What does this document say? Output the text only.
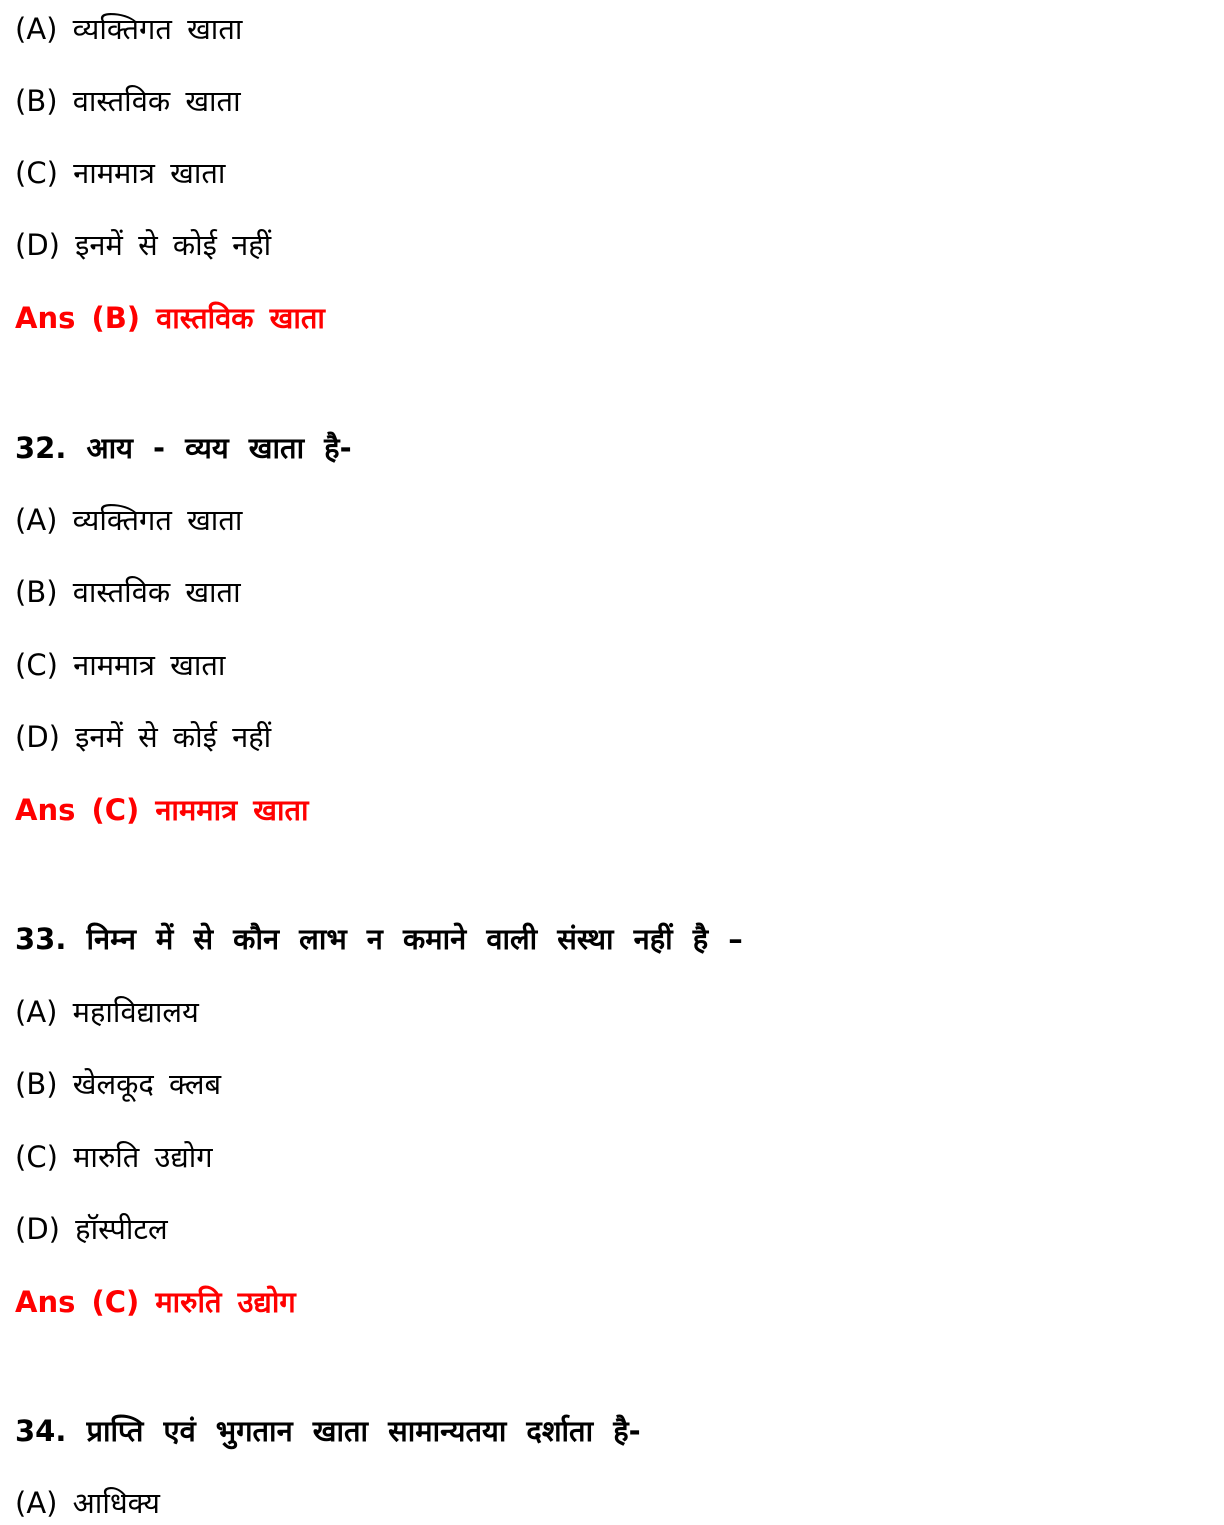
(A) व्यक्तिगत खाता
(B) वास्तविक खाता
(C) नाममात्र खाता
(D) इनमें से कोई नहीं
Ans (B) वास्तविक खाता
32. आय - व्यय खाता है-
(A) व्यक्तिगत खाता
(B) वास्तविक खाता
(C) नाममात्र खाता
(D) इनमें से कोई नहीं
Ans (C) नाममात्र खाता
33. निम्न में से कौन लाभ न कमाने वाली संस्था नहीं है –
(A) महाविद्यालय
(B) खेलकूद क्लब
(C) मारुति उद्योग
(D) हॉस्पीटल
Ans (C) मारुति उद्योग
34. प्राप्ति एवं भुगतान खाता सामान्यतया दर्शाता है-
(A) आधिक्य
